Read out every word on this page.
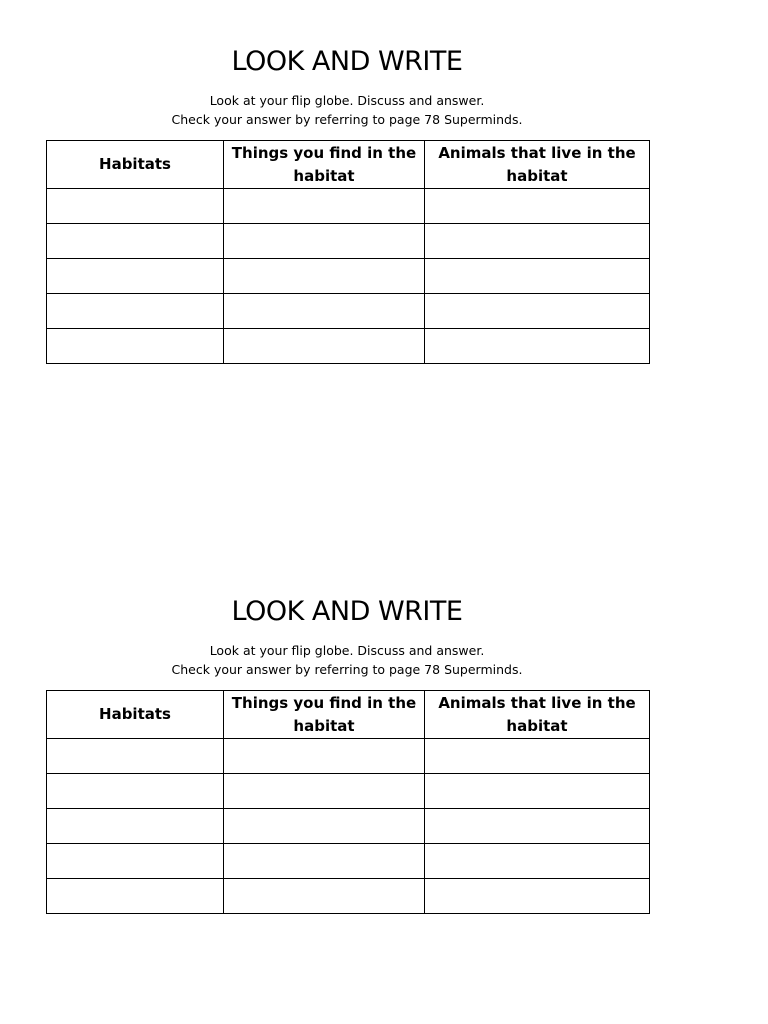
LOOK AND WRITE

Look at your flip globe. Discuss and answer.

Check your answer by referring to page 78 Superminds.

Habitats	Things you find in the habitat	Animals that live in the habitat

LOOK AND WRITE

Look at your flip globe. Discuss and answer.

Check your answer by referring to page 78 Superminds.

Habitats	Things you find in the habitat	Animals that live in the habitat
